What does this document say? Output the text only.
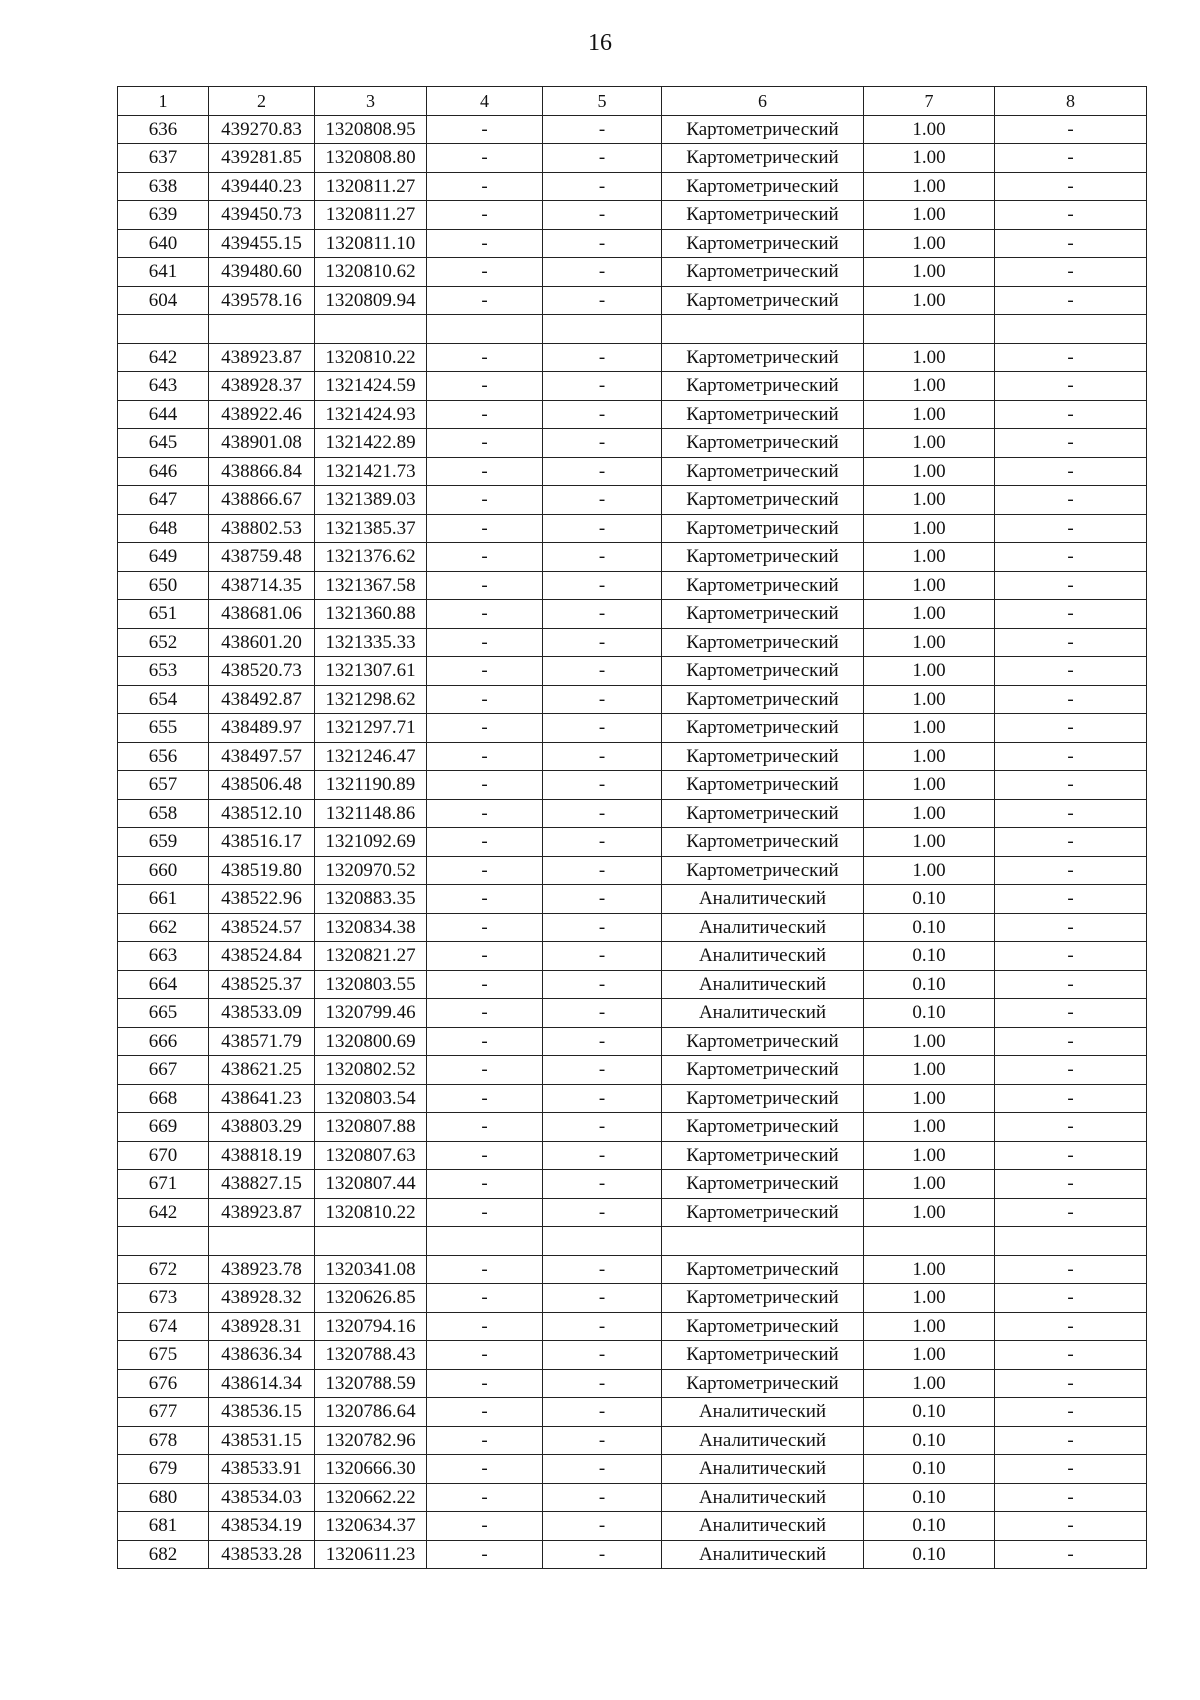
16
1	2	3	4	5	6	7	8
636	439270.83	1320808.95	-	-	Картометрический	1.00	-
637	439281.85	1320808.80	-	-	Картометрический	1.00	-
638	439440.23	1320811.27	-	-	Картометрический	1.00	-
639	439450.73	1320811.27	-	-	Картометрический	1.00	-
640	439455.15	1320811.10	-	-	Картометрический	1.00	-
641	439480.60	1320810.62	-	-	Картометрический	1.00	-
604	439578.16	1320809.94	-	-	Картометрический	1.00	-

642	438923.87	1320810.22	-	-	Картометрический	1.00	-
643	438928.37	1321424.59	-	-	Картометрический	1.00	-
644	438922.46	1321424.93	-	-	Картометрический	1.00	-
645	438901.08	1321422.89	-	-	Картометрический	1.00	-
646	438866.84	1321421.73	-	-	Картометрический	1.00	-
647	438866.67	1321389.03	-	-	Картометрический	1.00	-
648	438802.53	1321385.37	-	-	Картометрический	1.00	-
649	438759.48	1321376.62	-	-	Картометрический	1.00	-
650	438714.35	1321367.58	-	-	Картометрический	1.00	-
651	438681.06	1321360.88	-	-	Картометрический	1.00	-
652	438601.20	1321335.33	-	-	Картометрический	1.00	-
653	438520.73	1321307.61	-	-	Картометрический	1.00	-
654	438492.87	1321298.62	-	-	Картометрический	1.00	-
655	438489.97	1321297.71	-	-	Картометрический	1.00	-
656	438497.57	1321246.47	-	-	Картометрический	1.00	-
657	438506.48	1321190.89	-	-	Картометрический	1.00	-
658	438512.10	1321148.86	-	-	Картометрический	1.00	-
659	438516.17	1321092.69	-	-	Картометрический	1.00	-
660	438519.80	1320970.52	-	-	Картометрический	1.00	-
661	438522.96	1320883.35	-	-	Аналитический	0.10	-
662	438524.57	1320834.38	-	-	Аналитический	0.10	-
663	438524.84	1320821.27	-	-	Аналитический	0.10	-
664	438525.37	1320803.55	-	-	Аналитический	0.10	-
665	438533.09	1320799.46	-	-	Аналитический	0.10	-
666	438571.79	1320800.69	-	-	Картометрический	1.00	-
667	438621.25	1320802.52	-	-	Картометрический	1.00	-
668	438641.23	1320803.54	-	-	Картометрический	1.00	-
669	438803.29	1320807.88	-	-	Картометрический	1.00	-
670	438818.19	1320807.63	-	-	Картометрический	1.00	-
671	438827.15	1320807.44	-	-	Картометрический	1.00	-
642	438923.87	1320810.22	-	-	Картометрический	1.00	-

672	438923.78	1320341.08	-	-	Картометрический	1.00	-
673	438928.32	1320626.85	-	-	Картометрический	1.00	-
674	438928.31	1320794.16	-	-	Картометрический	1.00	-
675	438636.34	1320788.43	-	-	Картометрический	1.00	-
676	438614.34	1320788.59	-	-	Картометрический	1.00	-
677	438536.15	1320786.64	-	-	Аналитический	0.10	-
678	438531.15	1320782.96	-	-	Аналитический	0.10	-
679	438533.91	1320666.30	-	-	Аналитический	0.10	-
680	438534.03	1320662.22	-	-	Аналитический	0.10	-
681	438534.19	1320634.37	-	-	Аналитический	0.10	-
682	438533.28	1320611.23	-	-	Аналитический	0.10	-
